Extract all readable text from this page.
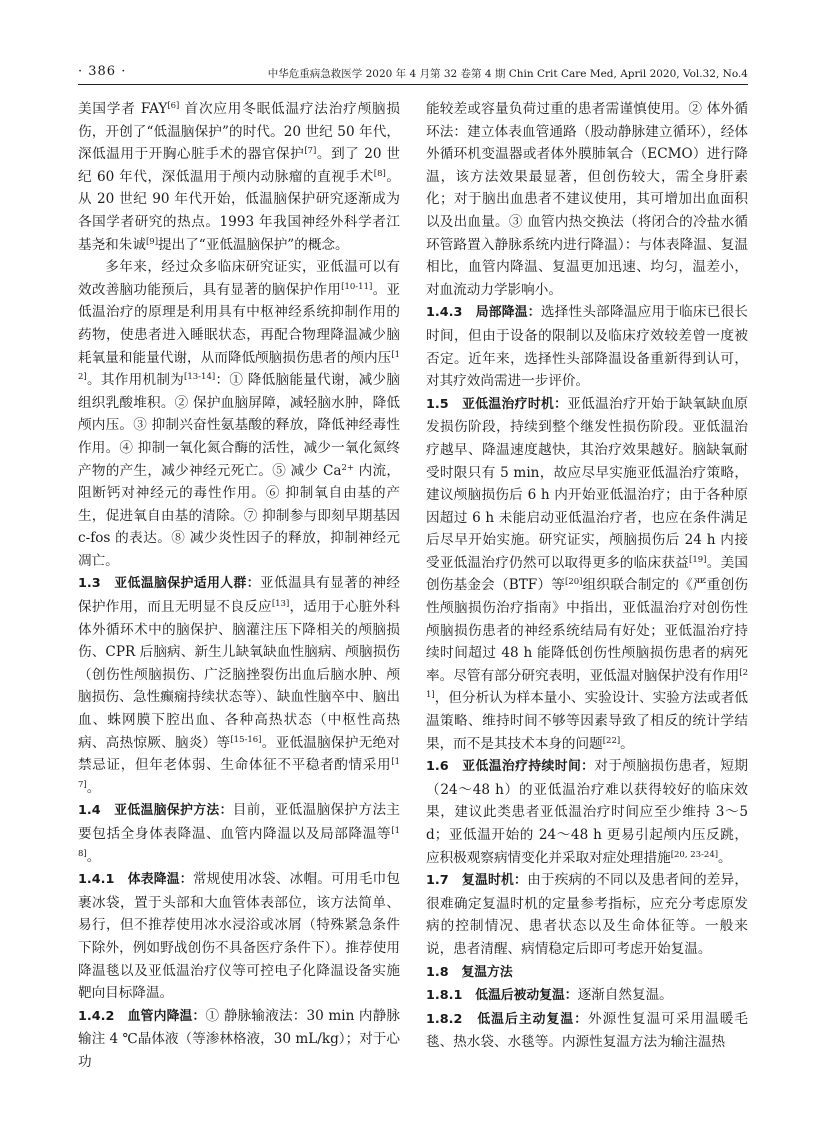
· 386 ·	中华危重病急救医学 2020 年 4 月第 32 卷第 4 期 Chin Crit Care Med, April 2020, Vol.32, No.4

美国学者 FAY[6] 首次应用冬眠低温疗法治疗颅脑损伤，开创了“低温脑保护”的时代。20 世纪 50 年代，深低温用于开胸心脏手术的器官保护[7]。到了 20 世纪 60 年代，深低温用于颅内动脉瘤的直视手术[8]。从 20 世纪 90 年代开始，低温脑保护研究逐渐成为各国学者研究的热点。1993 年我国神经外科学者江基尧和朱诚[9]提出了“亚低温脑保护”的概念。

多年来，经过众多临床研究证实，亚低温可以有效改善脑功能预后，具有显著的脑保护作用[10-11]。亚低温治疗的原理是利用具有中枢神经系统抑制作用的药物，使患者进入睡眠状态，再配合物理降温减少脑耗氧量和能量代谢，从而降低颅脑损伤患者的颅内压[12]。其作用机制为[13-14]：① 降低脑能量代谢，减少脑组织乳酸堆积。② 保护血脑屏障，减轻脑水肿，降低颅内压。③ 抑制兴奋性氨基酸的释放，降低神经毒性作用。④ 抑制一氧化氮合酶的活性，减少一氧化氮终产物的产生，减少神经元死亡。⑤ 减少 $Ca^{2+}$ 内流，阻断钙对神经元的毒性作用。⑥ 抑制氧自由基的产生，促进氧自由基的清除。⑦ 抑制参与即刻早期基因 c-fos 的表达。⑧ 减少炎性因子的释放，抑制神经元凋亡。

1.3　亚低温脑保护适用人群：亚低温具有显著的神经保护作用，而且无明显不良反应[13]，适用于心脏外科体外循环术中的脑保护、脑灌注压下降相关的颅脑损伤、CPR 后脑病、新生儿缺氧缺血性脑病、颅脑损伤（创伤性颅脑损伤、广泛脑挫裂伤出血后脑水肿、颅脑损伤、急性癫痫持续状态等）、缺血性脑卒中、脑出血、蛛网膜下腔出血、各种高热状态（中枢性高热病、高热惊厥、脑炎）等[15-16]。亚低温脑保护无绝对禁忌证，但年老体弱、生命体征不平稳者酌情采用[17]。

1.4　亚低温脑保护方法：目前，亚低温脑保护方法主要包括全身体表降温、血管内降温以及局部降温等[18]。

1.4.1　体表降温：常规使用冰袋、冰帽。可用毛巾包裹冰袋，置于头部和大血管体表部位，该方法简单、易行，但不推荐使用冰水浸浴或冰屑（特殊紧急条件下除外，例如野战创伤不具备医疗条件下）。推荐使用降温毯以及亚低温治疗仪等可控电子化降温设备实施靶向目标降温。

1.4.2　血管内降温：① 静脉输液法：30 min 内静脉输注 4 ℃晶体液（等渗林格液，30 mL/kg）；对于心功

能较差或容量负荷过重的患者需谨慎使用。② 体外循环法：建立体表血管通路（股动静脉建立循环），经体外循环机变温器或者体外膜肺氧合（ECMO）进行降温，该方法效果最显著，但创伤较大，需全身肝素化；对于脑出血患者不建议使用，其可增加出血面积以及出血量。③ 血管内热交换法（将闭合的冷盐水循环管路置入静脉系统内进行降温）：与体表降温、复温相比，血管内降温、复温更加迅速、均匀，温差小，对血流动力学影响小。

1.4.3　局部降温：选择性头部降温应用于临床已很长时间，但由于设备的限制以及临床疗效较差曾一度被否定。近年来，选择性头部降温设备重新得到认可，对其疗效尚需进一步评价。

1.5　亚低温治疗时机：亚低温治疗开始于缺氧缺血原发损伤阶段，持续到整个继发性损伤阶段。亚低温治疗越早、降温速度越快，其治疗效果越好。脑缺氧耐受时限只有 5 min，故应尽早实施亚低温治疗策略，建议颅脑损伤后 6 h 内开始亚低温治疗；由于各种原因超过 6 h 未能启动亚低温治疗者，也应在条件满足后尽早开始实施。研究证实，颅脑损伤后 24 h 内接受亚低温治疗仍然可以取得更多的临床获益[19]。美国创伤基金会（BTF）等[20]组织联合制定的《严重创伤性颅脑损伤治疗指南》中指出，亚低温治疗对创伤性颅脑损伤患者的神经系统结局有好处；亚低温治疗持续时间超过 48 h 能降低创伤性颅脑损伤患者的病死率。尽管有部分研究表明，亚低温对脑保护没有作用[21]，但分析认为样本量小、实验设计、实验方法或者低温策略、维持时间不够等因素导致了相反的统计学结果，而不是其技术本身的问题[22]。

1.6　亚低温治疗持续时间：对于颅脑损伤患者，短期（24～48 h）的亚低温治疗难以获得较好的临床效果，建议此类患者亚低温治疗时间应至少维持 3～5 d；亚低温开始的 24～48 h 更易引起颅内压反跳，应积极观察病情变化并采取对症处理措施[20, 23-24]。

1.7　复温时机：由于疾病的不同以及患者间的差异，很难确定复温时机的定量参考指标，应充分考虑原发病的控制情况、患者状态以及生命体征等。一般来说，患者清醒、病情稳定后即可考虑开始复温。

1.8　复温方法

1.8.1　低温后被动复温：逐渐自然复温。

1.8.2　低温后主动复温：外源性复温可采用温暖毛毯、热水袋、水毯等。内源性复温方法为输注温热
